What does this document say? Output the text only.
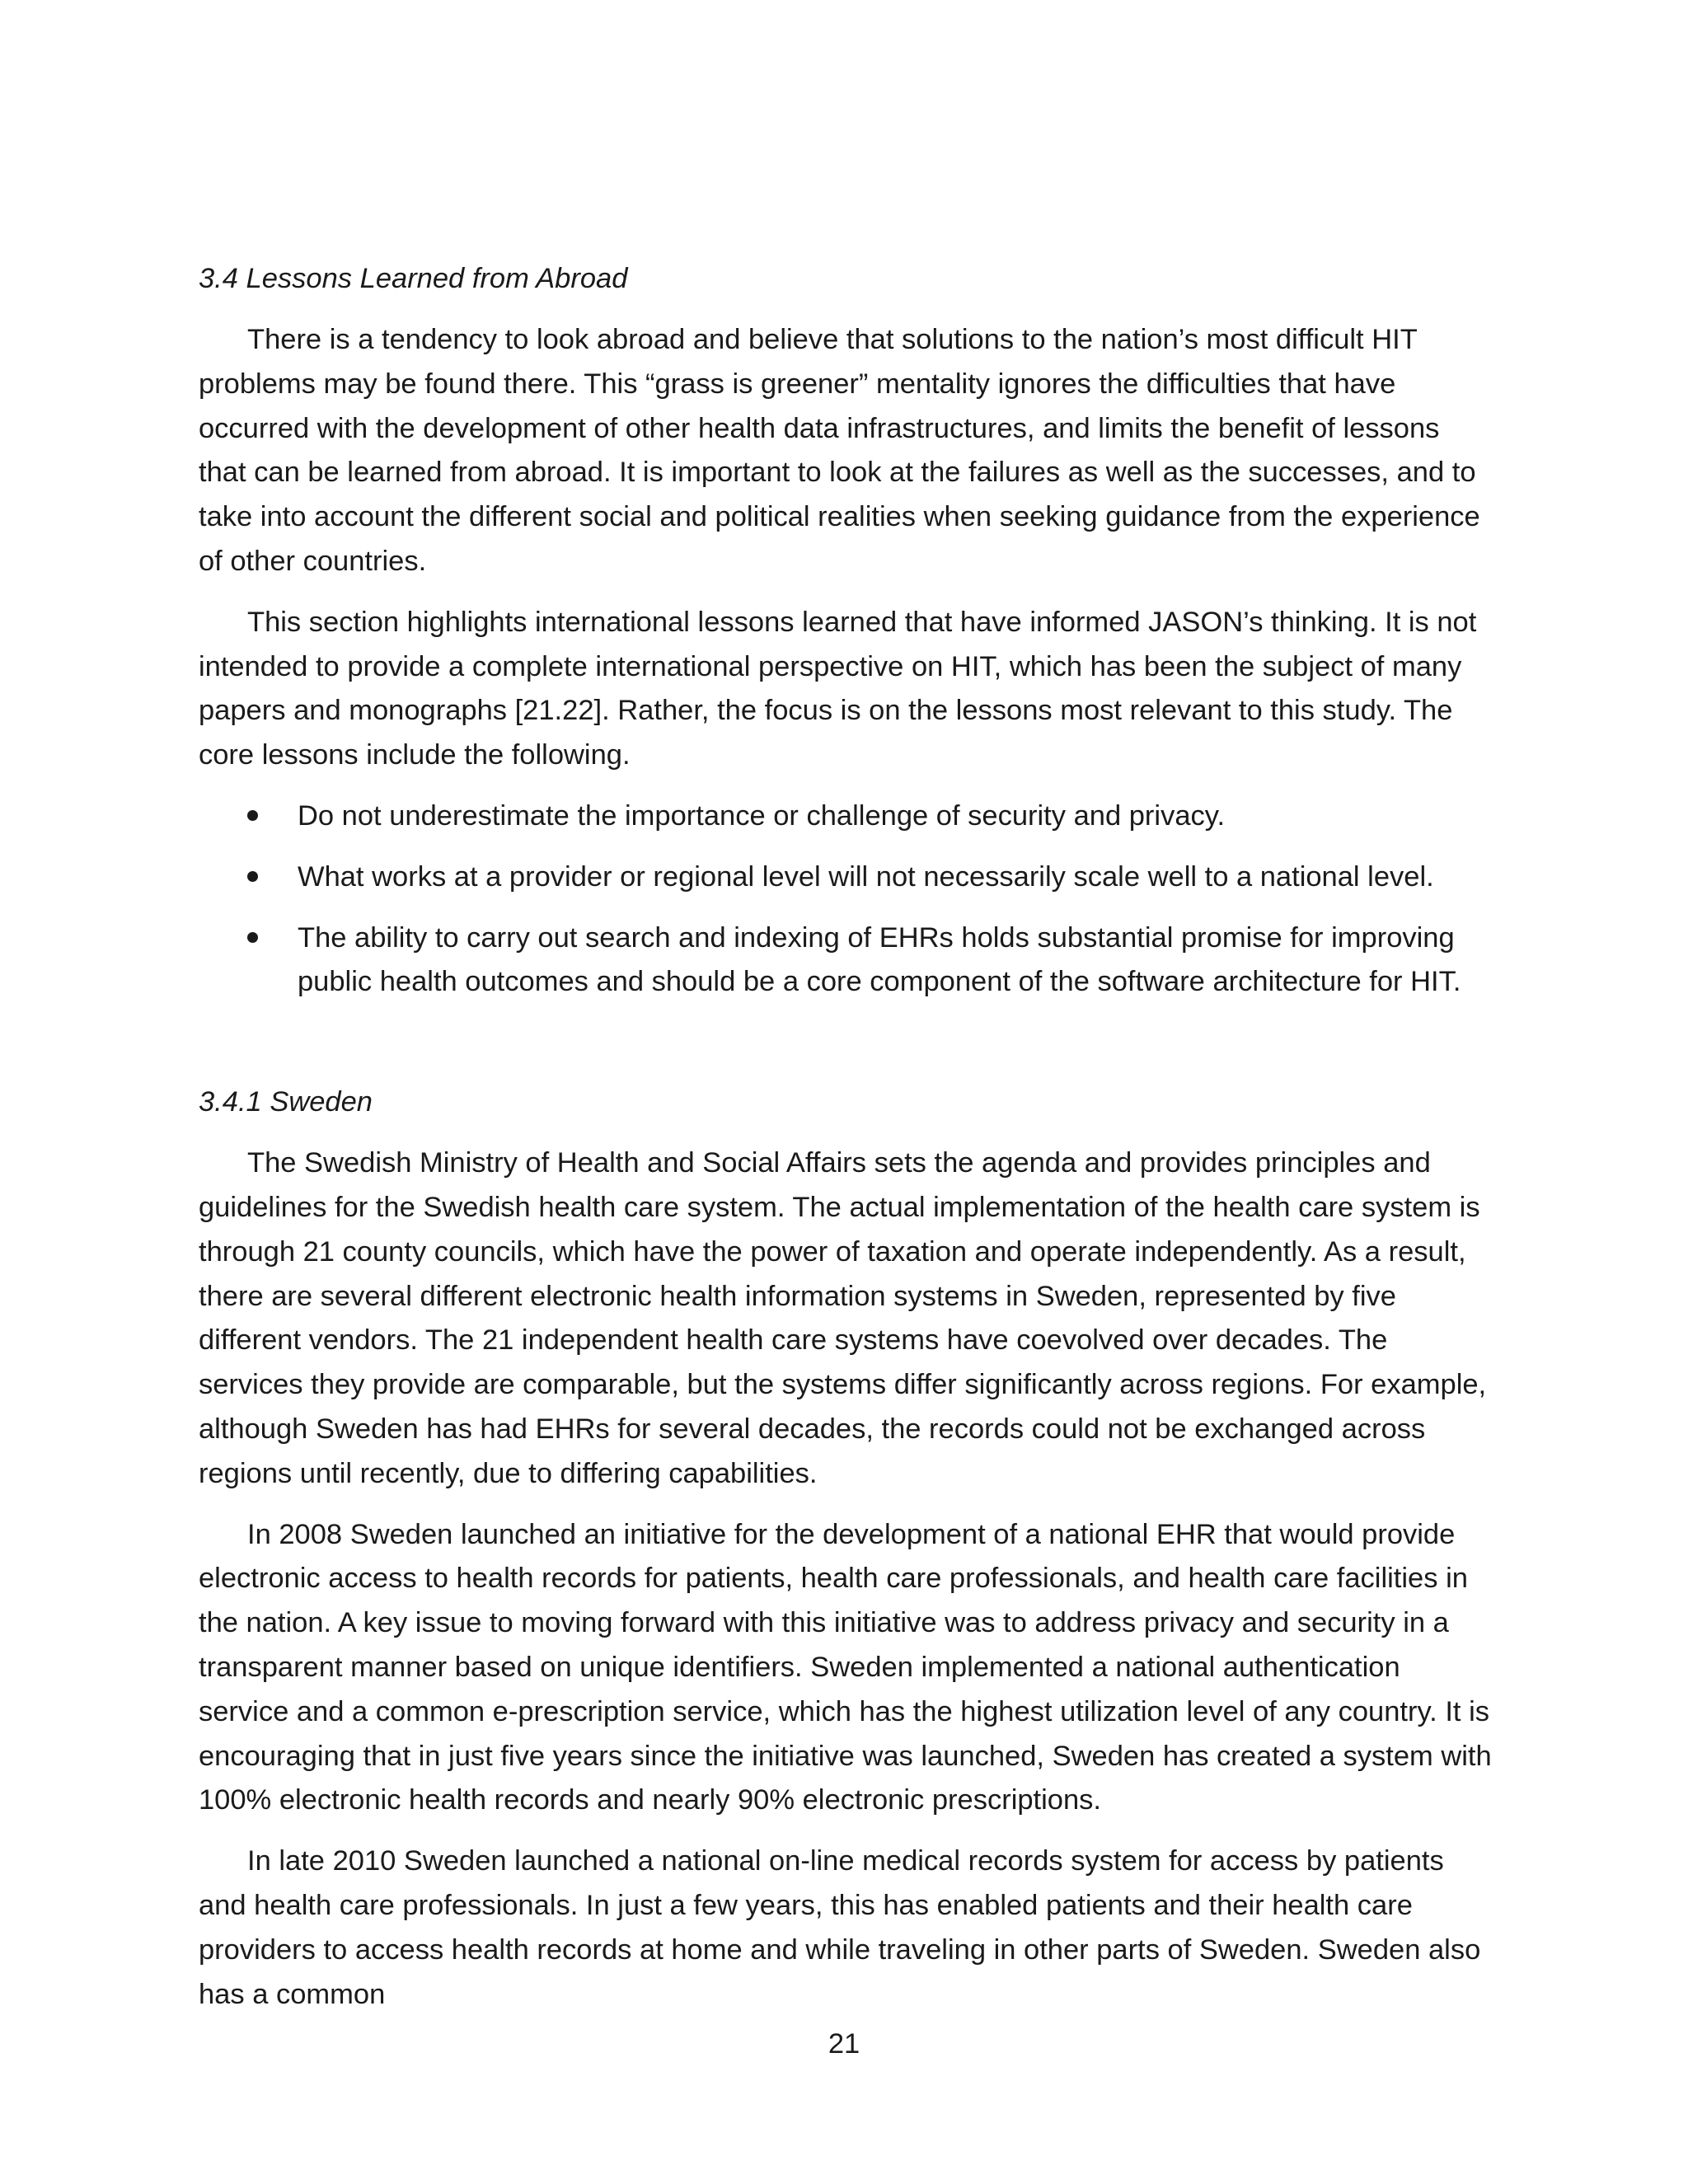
3.4 Lessons Learned from Abroad

There is a tendency to look abroad and believe that solutions to the nation’s most difficult HIT problems may be found there. This “grass is greener” mentality ignores the difficulties that have occurred with the development of other health data infrastructures, and limits the benefit of lessons that can be learned from abroad. It is important to look at the failures as well as the successes, and to take into account the different social and political realities when seeking guidance from the experience of other countries.

This section highlights international lessons learned that have informed JASON’s thinking. It is not intended to provide a complete international perspective on HIT, which has been the subject of many papers and monographs [21.22]. Rather, the focus is on the lessons most relevant to this study. The core lessons include the following.

Do not underestimate the importance or challenge of security and privacy.
What works at a provider or regional level will not necessarily scale well to a national level.
The ability to carry out search and indexing of EHRs holds substantial promise for improving public health outcomes and should be a core component of the software architecture for HIT.

3.4.1 Sweden

The Swedish Ministry of Health and Social Affairs sets the agenda and provides principles and guidelines for the Swedish health care system. The actual implementation of the health care system is through 21 county councils, which have the power of taxation and operate independently. As a result, there are several different electronic health information systems in Sweden, represented by five different vendors. The 21 independent health care systems have coevolved over decades. The services they provide are comparable, but the systems differ significantly across regions. For example, although Sweden has had EHRs for several decades, the records could not be exchanged across regions until recently, due to differing capabilities.

In 2008 Sweden launched an initiative for the development of a national EHR that would provide electronic access to health records for patients, health care professionals, and health care facilities in the nation. A key issue to moving forward with this initiative was to address privacy and security in a transparent manner based on unique identifiers. Sweden implemented a national authentication service and a common e-prescription service, which has the highest utilization level of any country. It is encouraging that in just five years since the initiative was launched, Sweden has created a system with 100% electronic health records and nearly 90% electronic prescriptions.

In late 2010 Sweden launched a national on-line medical records system for access by patients and health care professionals. In just a few years, this has enabled patients and their health care providers to access health records at home and while traveling in other parts of Sweden. Sweden also has a common

21
